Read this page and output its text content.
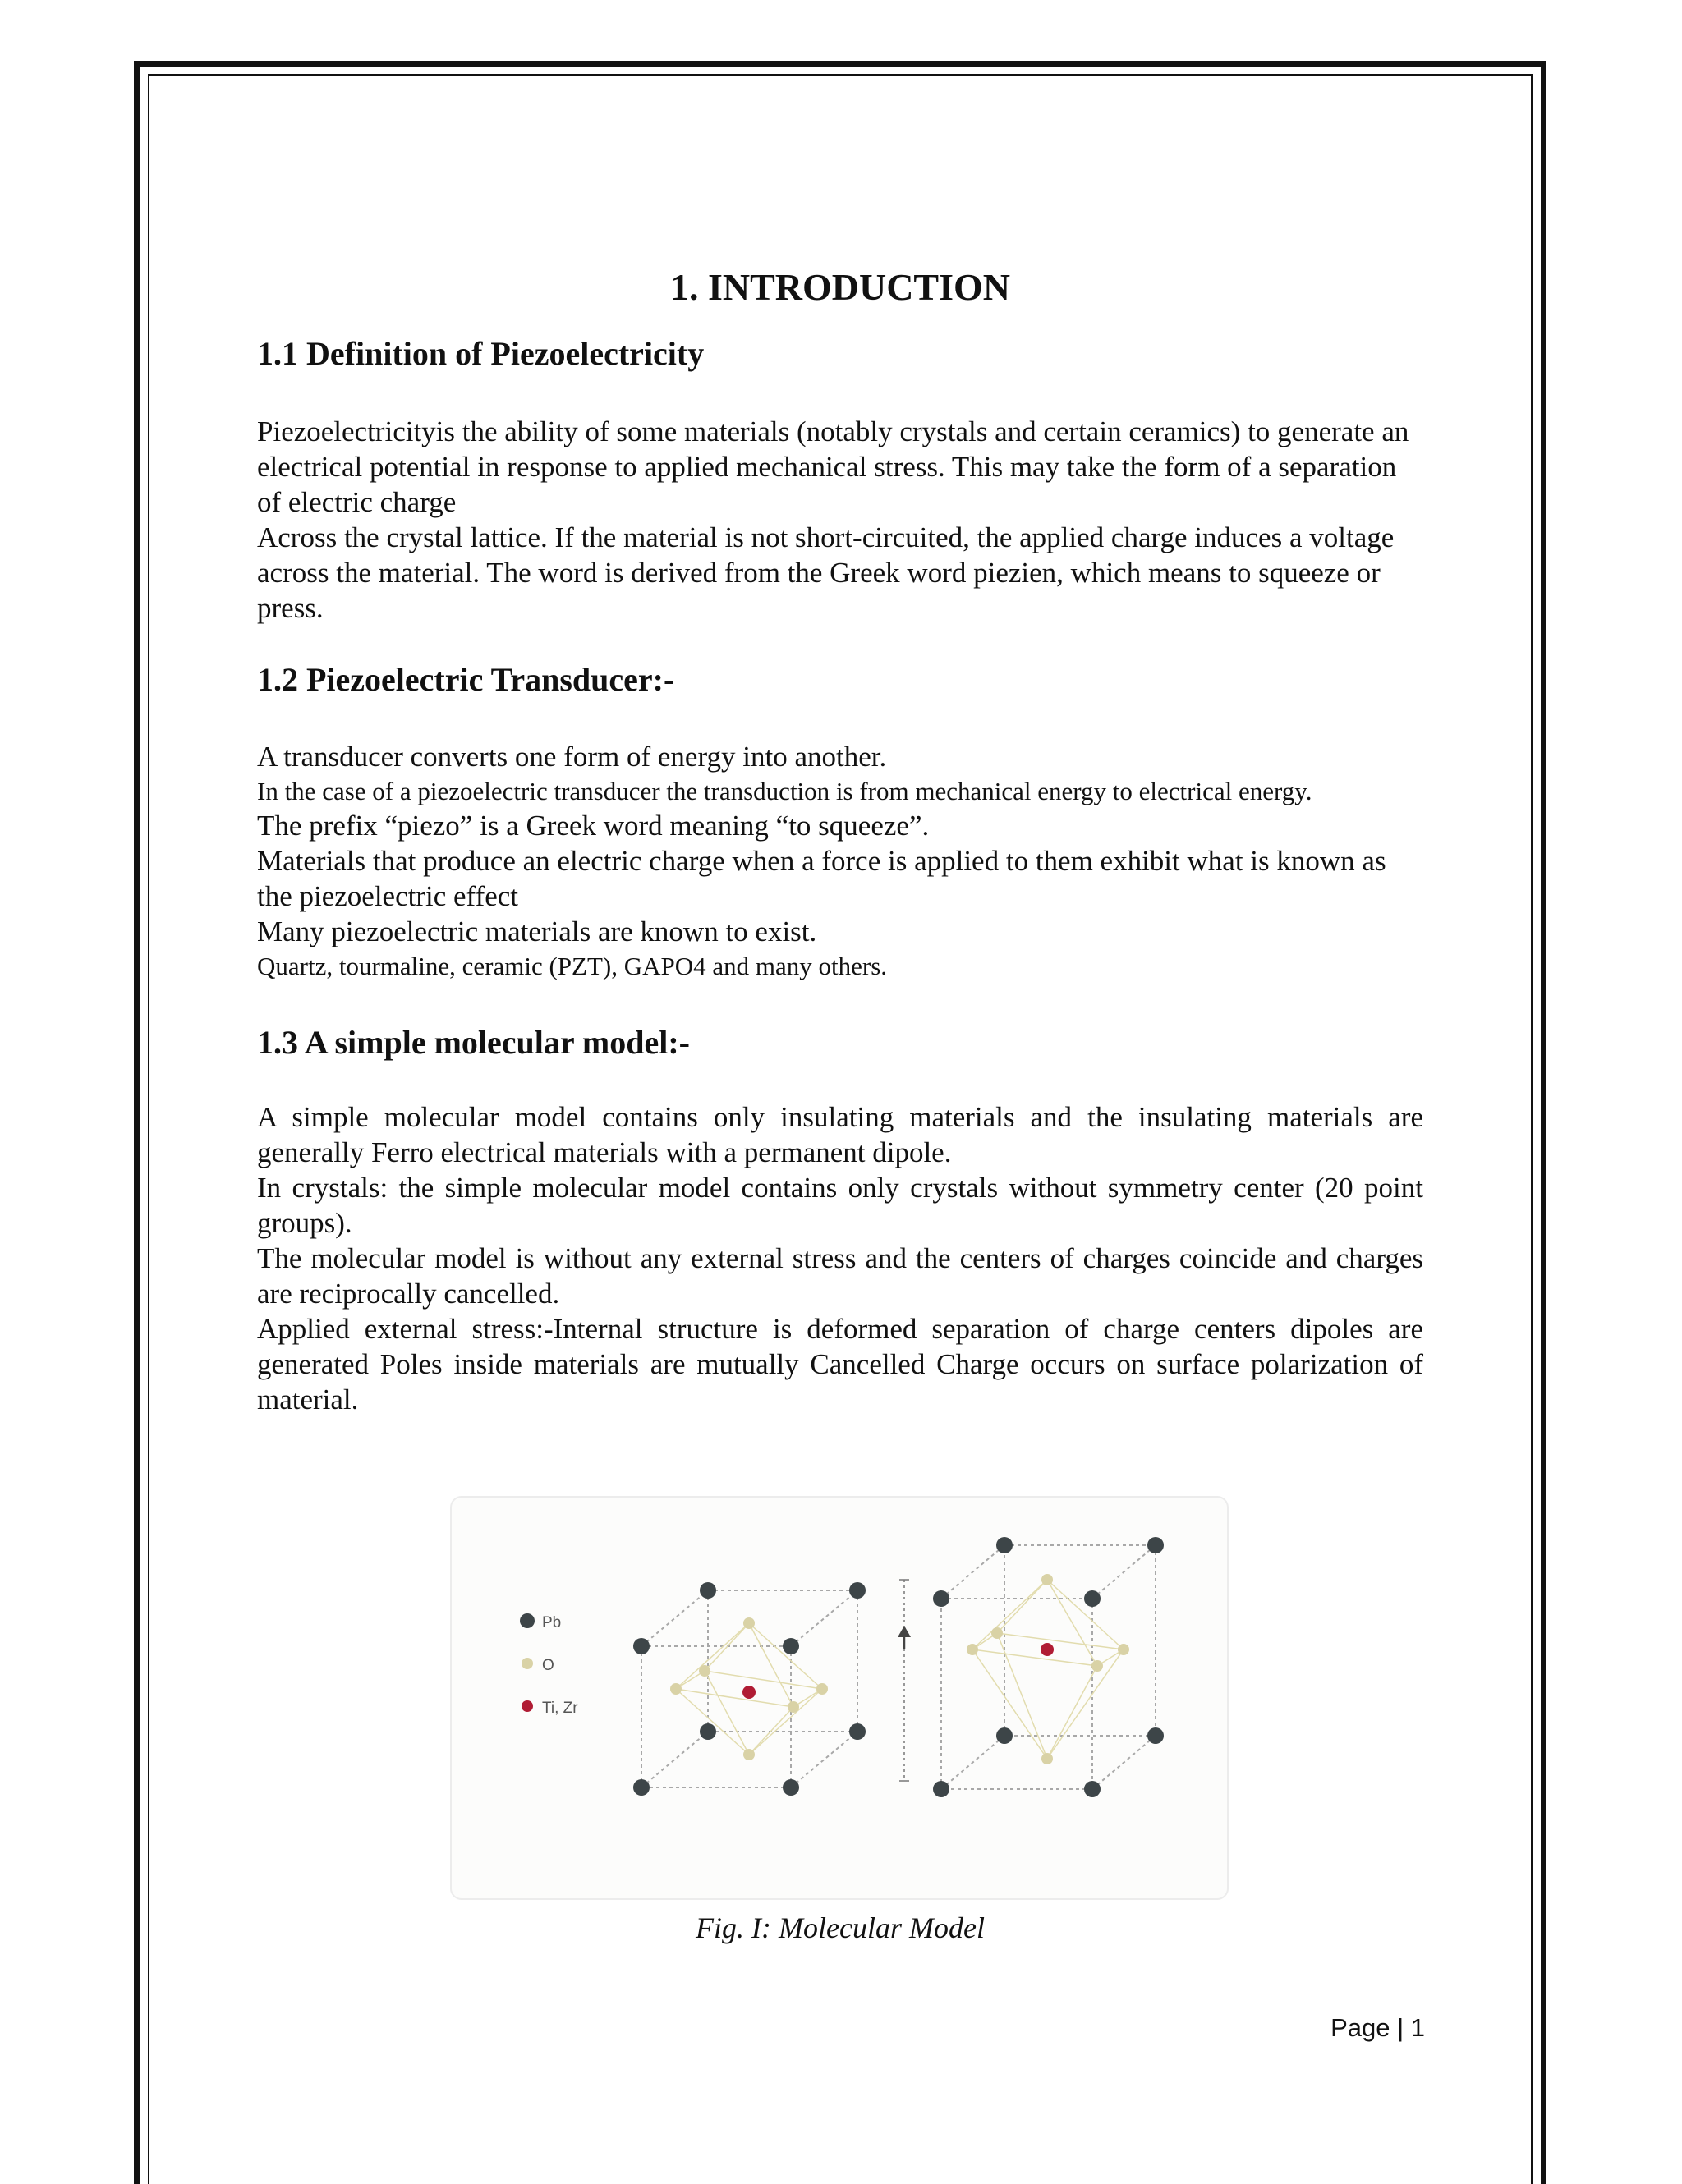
1. INTRODUCTION
1.1 Definition of Piezoelectricity

Piezoelectricityis the ability of some materials (notably crystals and certain ceramics) to generate an electrical potential in response to applied mechanical stress. This may take the form of a separation of electric charge

Across the crystal lattice. If the material is not short-circuited, the applied charge induces a voltage across the material. The word is derived from the Greek word piezien, which means to squeeze or press.

1.2 Piezoelectric Transducer:-

A transducer converts one form of energy into another.

In the case of a piezoelectric transducer the transduction is from mechanical energy to electrical energy.

The prefix “piezo” is a Greek word meaning “to squeeze”.

Materials that produce an electric charge when a force is applied to them exhibit what is known as the piezoelectric effect

Many piezoelectric materials are known to exist.

Quartz, tourmaline, ceramic (PZT), GAPO4 and many others.

1.3 A simple molecular model:-

A simple molecular model contains only insulating materials and the insulating materials are generally Ferro electrical materials with a permanent dipole.

In crystals: the simple molecular model contains only crystals without symmetry center (20 point groups).

The molecular model is without any external stress and the centers of charges coincide and charges are reciprocally cancelled.

Applied external stress:-Internal structure is deformed separation of charge centers dipoles are generated Poles inside materials are mutually Cancelled Charge occurs on surface polarization of material.

Pb
O
Ti, Zr
Fig. I: Molecular Model
Page | 1
